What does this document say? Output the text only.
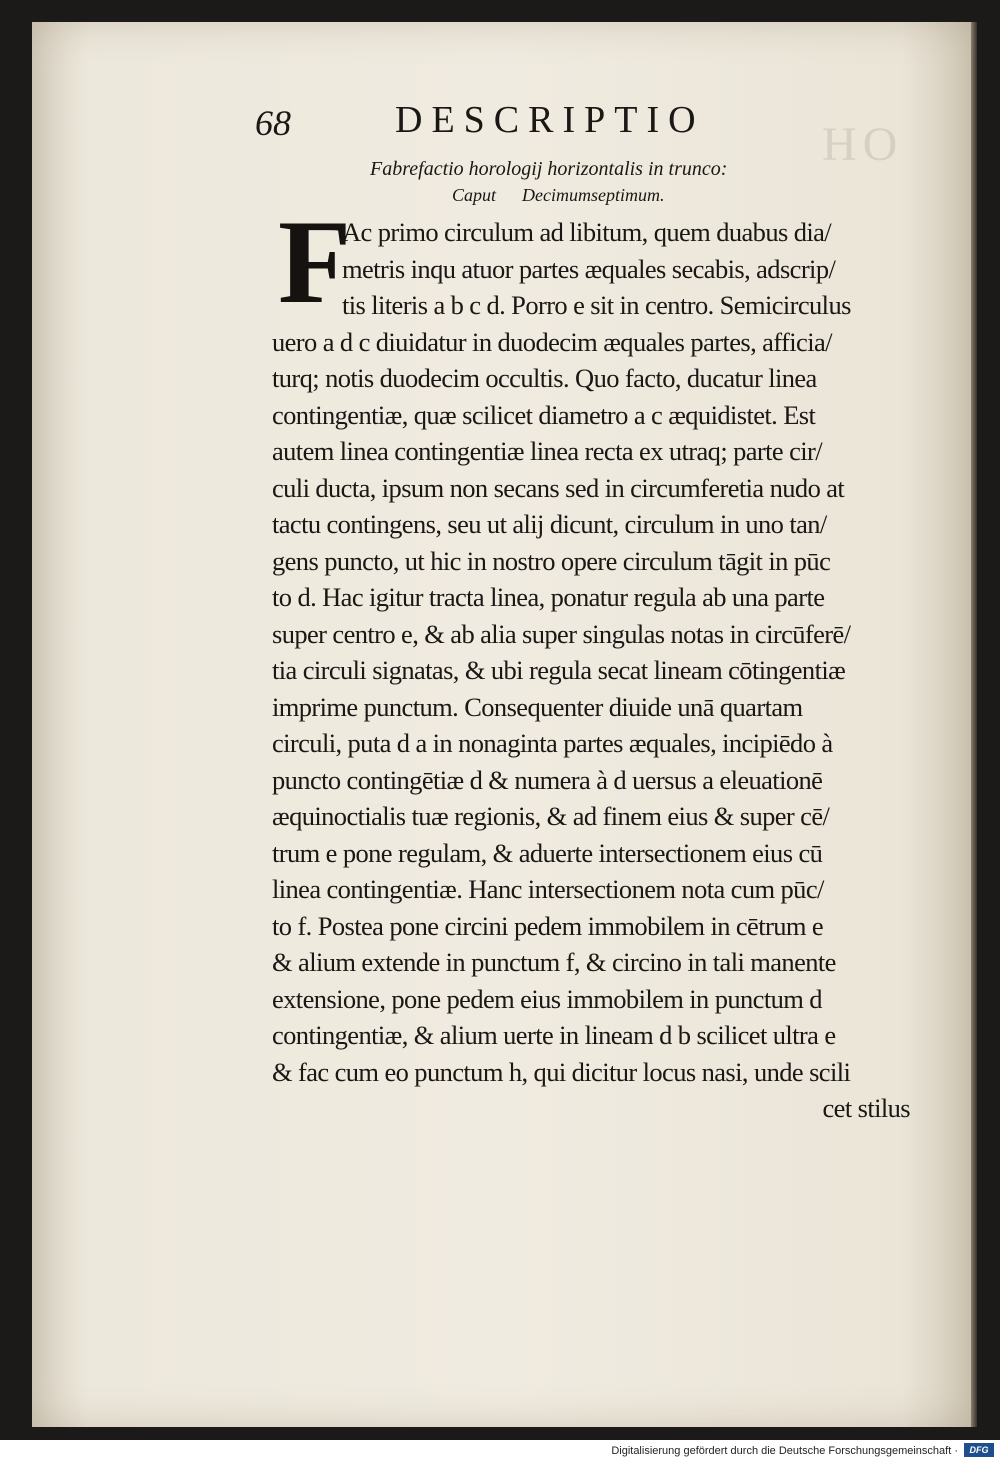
HO
68	DESCRIPTIO
Fabrefactio horologij horizontalis in trunco:
Caput Decimumseptimum.
F
Ac primo circulum ad libitum, quem duabus dia/
metris inqu atuor partes æquales secabis, adscrip/
tis literis a b c d. Porro e sit in centro. Semicirculus
uero a d c diuidatur in duodecim æquales partes, afficia/
turq; notis duodecim occultis. Quo facto, ducatur linea
contingentiæ, quæ scilicet diametro a c æquidistet. Est
autem linea contingentiæ linea recta ex utraq; parte cir/
culi ducta, ipsum non secans sed in circumferetia nudo at
tactu contingens, seu ut alij dicunt, circulum in uno tan/
gens puncto, ut hic in nostro opere circulum tāgit in pūc
to d. Hac igitur tracta linea, ponatur regula ab una parte
super centro e, & ab alia super singulas notas in circūferē/
tia circuli signatas, & ubi regula secat lineam cōtingentiæ
imprime punctum. Consequenter diuide unā quartam
circuli, puta d a in nonaginta partes æquales, incipiēdo à
puncto contingētiæ d & numera à d uersus a eleuationē
æquinoctialis tuæ regionis, & ad finem eius & super cē/
trum e pone regulam, & aduerte intersectionem eius cū
linea contingentiæ. Hanc intersectionem nota cum pūc/
to f. Postea pone circini pedem immobilem in cētrum e
& alium extende in punctum f, & circino in tali manente
extensione, pone pedem eius immobilem in punctum d
contingentiæ, & alium uerte in lineam d b scilicet ultra e
& fac cum eo punctum h, qui dicitur locus nasi, unde scili
cet stilus
Digitalisierung gefördert durch die Deutsche Forschungsgemeinschaft ·	DFG
